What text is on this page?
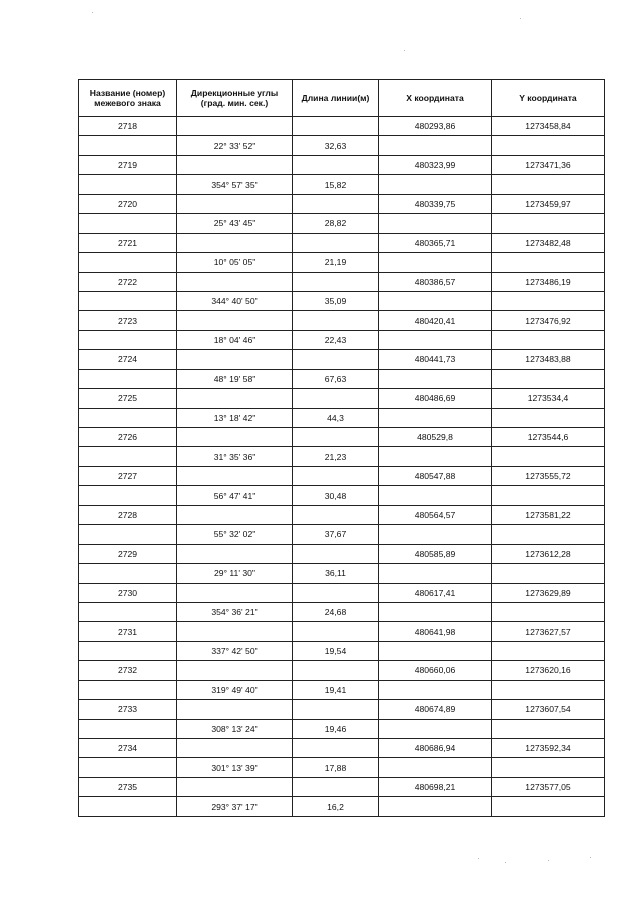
Название (номер) межевого знака	Дирекционные углы (град. мин. сек.)	Длина линии(м)	X координата	Y координата
2718			480293,86	1273458,84
	22° 33' 52"	32,63		
2719			480323,99	1273471,36
	354° 57' 35"	15,82		
2720			480339,75	1273459,97
	25° 43' 45"	28,82		
2721			480365,71	1273482,48
	10° 05' 05"	21,19		
2722			480386,57	1273486,19
	344° 40' 50"	35,09		
2723			480420,41	1273476,92
	18° 04' 46"	22,43		
2724			480441,73	1273483,88
	48° 19' 58"	67,63		
2725			480486,69	1273534,4
	13° 18' 42"	44,3		
2726			480529,8	1273544,6
	31° 35' 36"	21,23		
2727			480547,88	1273555,72
	56° 47' 41"	30,48		
2728			480564,57	1273581,22
	55° 32' 02"	37,67		
2729			480585,89	1273612,28
	29° 11' 30"	36,11		
2730			480617,41	1273629,89
	354° 36' 21"	24,68		
2731			480641,98	1273627,57
	337° 42' 50"	19,54		
2732			480660,06	1273620,16
	319° 49' 40"	19,41		
2733			480674,89	1273607,54
	308° 13' 24"	19,46		
2734			480686,94	1273592,34
	301° 13' 39"	17,88		
2735			480698,21	1273577,05
	293° 37' 17"	16,2		
